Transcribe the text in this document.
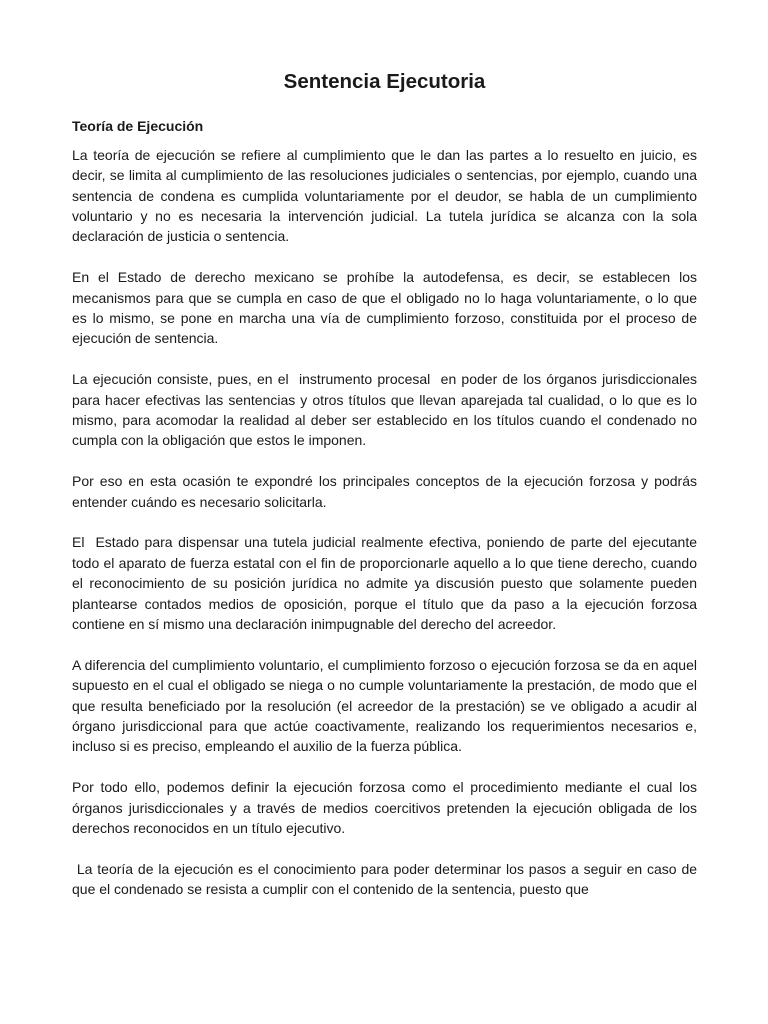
Sentencia Ejecutoria
Teoría de Ejecución

La teoría de ejecución se refiere al cumplimiento que le dan las partes a lo resuelto en juicio, es decir, se limita al cumplimiento de las resoluciones judiciales o sentencias, por ejemplo, cuando una sentencia de condena es cumplida voluntariamente por el deudor, se habla de un cumplimiento voluntario y no es necesaria la intervención judicial. La tutela jurídica se alcanza con la sola declaración de justicia o sentencia.

En el Estado de derecho mexicano se prohíbe la autodefensa, es decir, se establecen los mecanismos para que se cumpla en caso de que el obligado no lo haga voluntariamente, o lo que es lo mismo, se pone en marcha una vía de cumplimiento forzoso, constituida por el proceso de ejecución de sentencia.

La ejecución consiste, pues, en el  instrumento procesal  en poder de los órganos jurisdiccionales para hacer efectivas las sentencias y otros títulos que llevan aparejada tal cualidad, o lo que es lo mismo, para acomodar la realidad al deber ser establecido en los títulos cuando el condenado no cumpla con la obligación que estos le imponen.

Por eso en esta ocasión te expondré los principales conceptos de la ejecución forzosa y podrás entender cuándo es necesario solicitarla.

El  Estado para dispensar una tutela judicial realmente efectiva, poniendo de parte del ejecutante todo el aparato de fuerza estatal con el fin de proporcionarle aquello a lo que tiene derecho, cuando el reconocimiento de su posición jurídica no admite ya discusión puesto que solamente pueden plantearse contados medios de oposición, porque el título que da paso a la ejecución forzosa contiene en sí mismo una declaración inimpugnable del derecho del acreedor.

A diferencia del cumplimiento voluntario, el cumplimiento forzoso o ejecución forzosa se da en aquel supuesto en el cual el obligado se niega o no cumple voluntariamente la prestación, de modo que el que resulta beneficiado por la resolución (el acreedor de la prestación) se ve obligado a acudir al órgano jurisdiccional para que actúe coactivamente, realizando los requerimientos necesarios e, incluso si es preciso, empleando el auxilio de la fuerza pública.

Por todo ello, podemos definir la ejecución forzosa como el procedimiento mediante el cual los órganos jurisdiccionales y a través de medios coercitivos pretenden la ejecución obligada de los derechos reconocidos en un título ejecutivo.

La teoría de la ejecución es el conocimiento para poder determinar los pasos a seguir en caso de que el condenado se resista a cumplir con el contenido de la sentencia, puesto que
